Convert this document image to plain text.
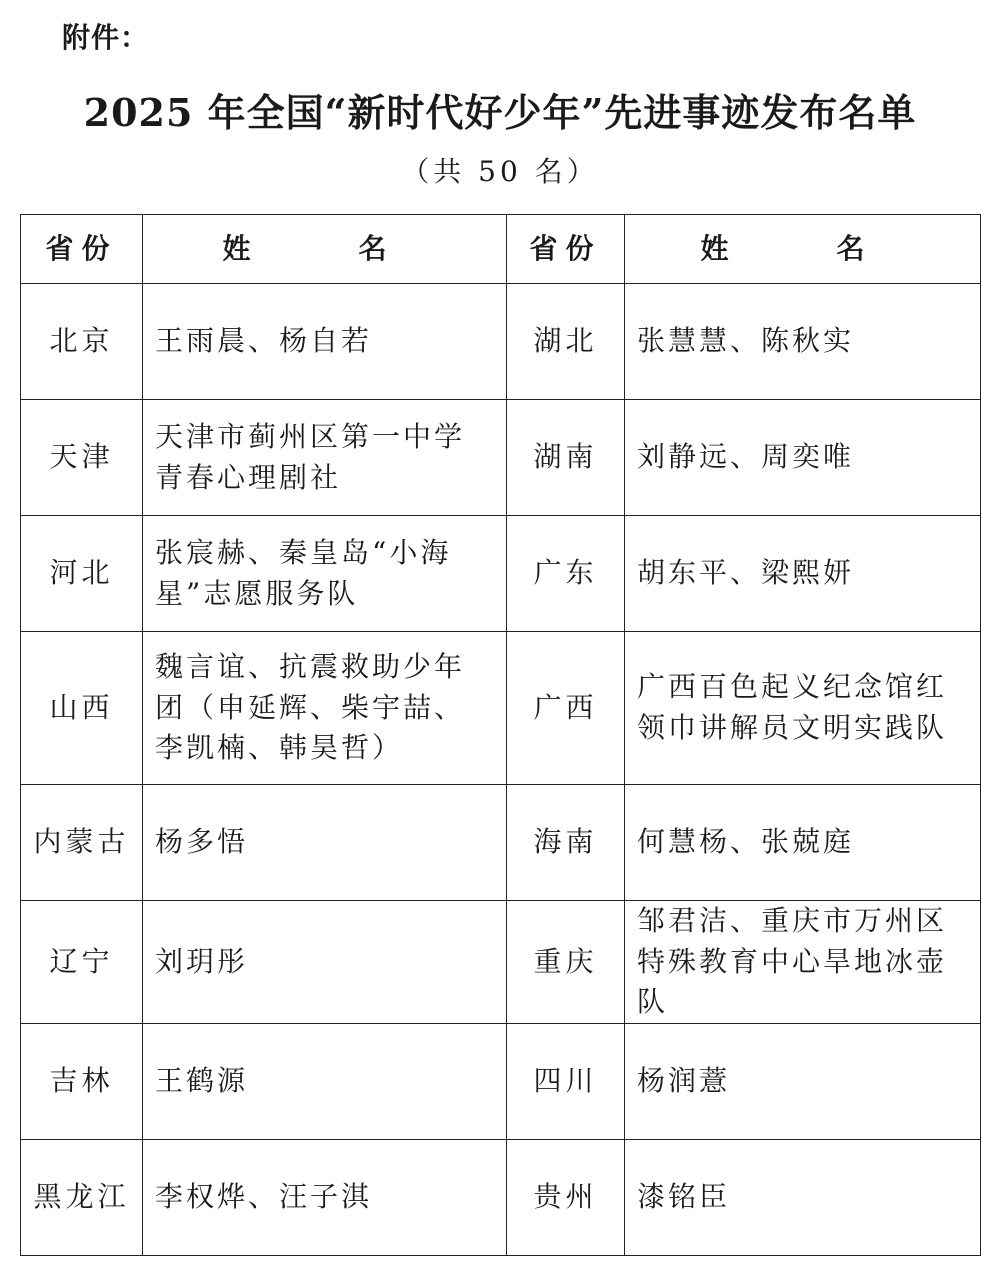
附件：
2025 年全国“新时代好少年”先进事迹发布名单
（共 50 名）
省份	姓　名	省份	姓　名
北京	王雨晨、杨自若	湖北	张慧慧、陈秋实
天津	天津市蓟州区第一中学青春心理剧社	湖南	刘静远、周奕唯
河北	张宸赫、秦皇岛“小海星”志愿服务队	广东	胡东平、梁熙妍
山西	魏言谊、抗震救助少年团（申延辉、柴宇喆、李凯楠、韩昊哲）	广西	广西百色起义纪念馆红领巾讲解员文明实践队
内蒙古	杨多悟	海南	何慧杨、张兢庭
辽宁	刘玥彤	重庆	邹君洁、重庆市万州区特殊教育中心旱地冰壶队
吉林	王鹤源	四川	杨润薏
黑龙江	李权烨、汪子淇	贵州	漆铭臣
